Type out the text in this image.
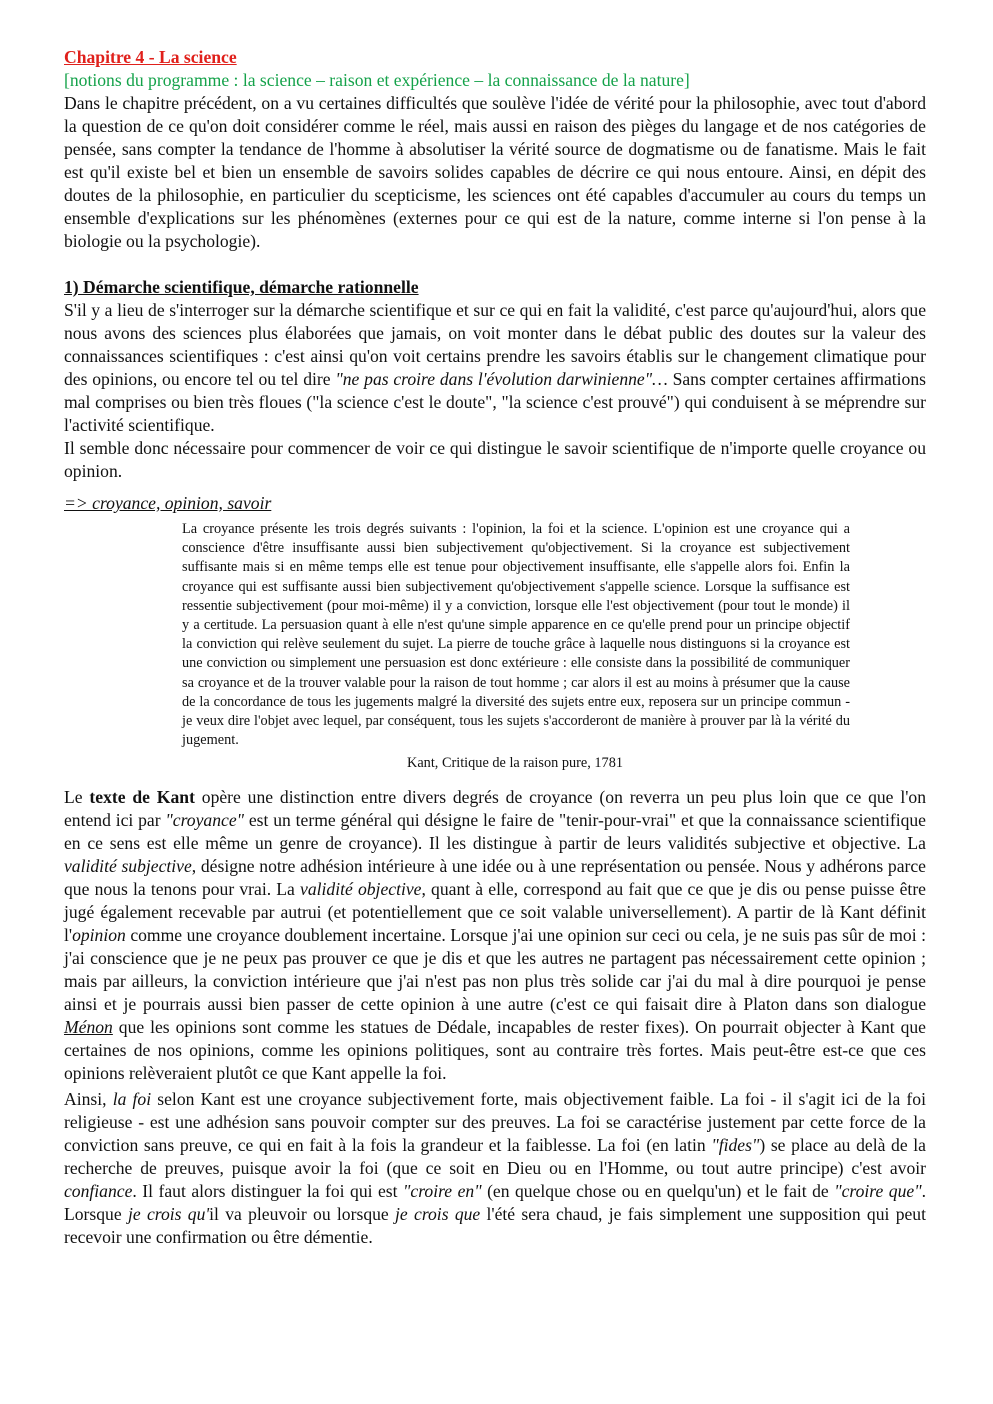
Chapitre 4 - La science
[notions du programme : la science – raison et expérience – la connaissance de la nature]

Dans le chapitre précédent, on a vu certaines difficultés que soulève l'idée de vérité pour la philosophie, avec tout d'abord la question de ce qu'on doit considérer comme le réel, mais aussi en raison des pièges du langage et de nos catégories de pensée, sans compter la tendance de l'homme à absolutiser la vérité source de dogmatisme ou de fanatisme. Mais le fait est qu'il existe bel et bien un ensemble de savoirs solides capables de décrire ce qui nous entoure. Ainsi, en dépit des doutes de la philosophie, en particulier du scepticisme, les sciences ont été capables d'accumuler au cours du temps un ensemble d'explications sur les phénomènes (externes pour ce qui est de la nature, comme interne si l'on pense à la biologie ou la psychologie).

1) Démarche scientifique, démarche rationnelle

S'il y a lieu de s'interroger sur la démarche scientifique et sur ce qui en fait la validité, c'est parce qu'aujourd'hui, alors que nous avons des sciences plus élaborées que jamais, on voit monter dans le débat public des doutes sur la valeur des connaissances scientifiques : c'est ainsi qu'on voit certains prendre les savoirs établis sur le changement climatique pour des opinions, ou encore tel ou tel dire "ne pas croire dans l'évolution darwinienne"… Sans compter certaines affirmations mal comprises ou bien très floues ("la science c'est le doute", "la science c'est prouvé") qui conduisent à se méprendre sur l'activité scientifique.

Il semble donc nécessaire pour commencer de voir ce qui distingue le savoir scientifique de n'importe quelle croyance ou opinion.

=> croyance, opinion, savoir

La croyance présente les trois degrés suivants : l'opinion, la foi et la science. L'opinion est une croyance qui a conscience d'être insuffisante aussi bien subjectivement qu'objectivement. Si la croyance est subjectivement suffisante mais si en même temps elle est tenue pour objectivement insuffisante, elle s'appelle alors foi. Enfin la croyance qui est suffisante aussi bien subjectivement qu'objectivement s'appelle science. Lorsque la suffisance est ressentie subjectivement (pour moi-même) il y a conviction, lorsque elle l'est objectivement (pour tout le monde) il y a certitude. La persuasion quant à elle n'est qu'une simple apparence en ce qu'elle prend pour un principe objectif la conviction qui relève seulement du sujet. La pierre de touche grâce à laquelle nous distinguons si la croyance est une conviction ou simplement une persuasion est donc extérieure : elle consiste dans la possibilité de communiquer sa croyance et de la trouver valable pour la raison de tout homme ; car alors il est au moins à présumer que la cause de la concordance de tous les jugements malgré la diversité des sujets entre eux, reposera sur un principe commun - je veux dire l'objet avec lequel, par conséquent, tous les sujets s'accorderont de manière à prouver par là la vérité du jugement.

Kant, Critique de la raison pure, 1781

Le texte de Kant opère une distinction entre divers degrés de croyance (on reverra un peu plus loin que ce que l'on entend ici par "croyance" est un terme général qui désigne le faire de "tenir-pour-vrai" et que la connaissance scientifique en ce sens est elle même un genre de croyance). Il les distingue à partir de leurs validités subjective et objective. La validité subjective, désigne notre adhésion intérieure à une idée ou à une représentation ou pensée. Nous y adhérons parce que nous la tenons pour vrai. La validité objective, quant à elle, correspond au fait que ce que je dis ou pense puisse être jugé également recevable par autrui (et potentiellement que ce soit valable universellement). A partir de là Kant définit l'opinion comme une croyance doublement incertaine. Lorsque j'ai une opinion sur ceci ou cela, je ne suis pas sûr de moi : j'ai conscience que je ne peux pas prouver ce que je dis et que les autres ne partagent pas nécessairement cette opinion ; mais par ailleurs, la conviction intérieure que j'ai n'est pas non plus très solide car j'ai du mal à dire pourquoi je pense ainsi et je pourrais aussi bien passer de cette opinion à une autre (c'est ce qui faisait dire à Platon dans son dialogue Ménon que les opinions sont comme les statues de Dédale, incapables de rester fixes). On pourrait objecter à Kant que certaines de nos opinions, comme les opinions politiques, sont au contraire très fortes. Mais peut-être est-ce que ces opinions relèveraient plutôt ce que Kant appelle la foi.

Ainsi, la foi selon Kant est une croyance subjectivement forte, mais objectivement faible. La foi - il s'agit ici de la foi religieuse - est une adhésion sans pouvoir compter sur des preuves. La foi se caractérise justement par cette force de la conviction sans preuve, ce qui en fait à la fois la grandeur et la faiblesse. La foi (en latin "fides") se place au delà de la recherche de preuves, puisque avoir la foi (que ce soit en Dieu ou en l'Homme, ou tout autre principe) c'est avoir confiance. Il faut alors distinguer la foi qui est "croire en" (en quelque chose ou en quelqu'un) et le fait de "croire que". Lorsque je crois qu'il va pleuvoir ou lorsque je crois que l'été sera chaud, je fais simplement une supposition qui peut recevoir une confirmation ou être démentie.
